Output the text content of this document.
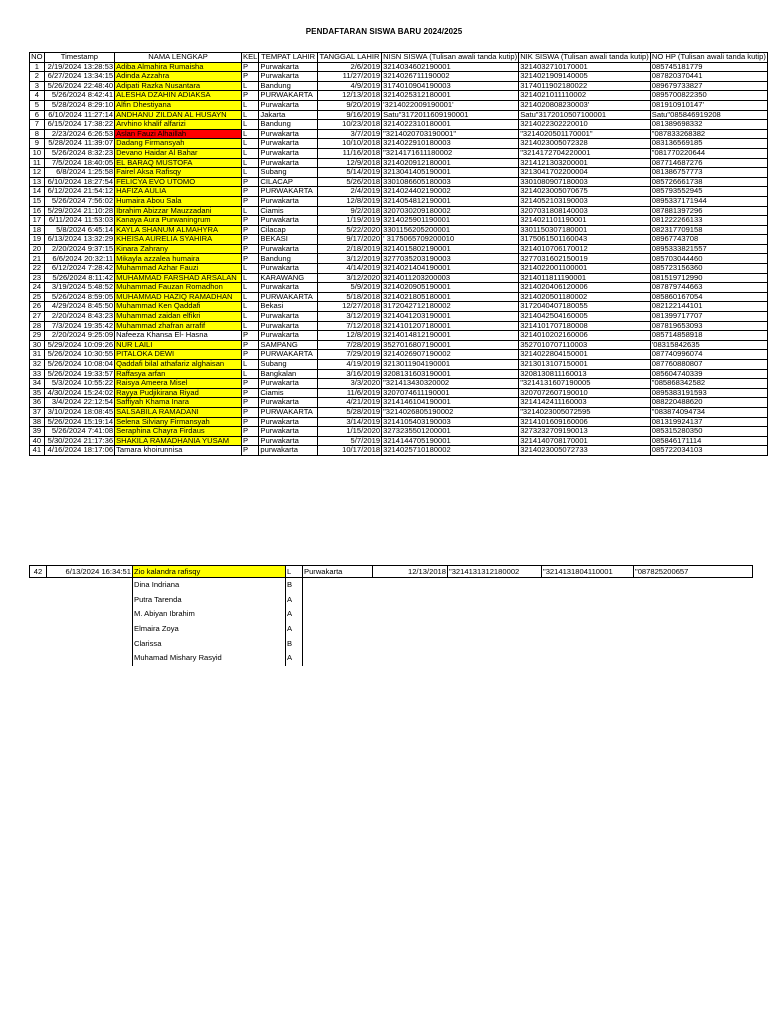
PENDAFTARAN SISWA BARU 2024/2025
NO	Timestamp	NAMA LENGKAP	KEL	TEMPAT LAHIR	TANGGAL LAHIR	NISN SISWA (Tulisan awali tanda kutip)	NIK SISWA (Tulisan awali tanda kutip)	NO HP (Tulisan awali tanda kutip)
1	2/19/2024 13:28:53	Adiba Almahira Rumaisha	P	Purwakarta	2/6/2019	3214034602190001	3214032710170001	085745181779
2	6/27/2024 13:34:15	Adinda Azzahra	P	Purwakarta	11/27/2019	3214026711190002	3214021909140005	087820370441
3	5/26/2024 22:48:40	Adipati Razka Nusantara	L	Bandung	4/9/2019	3174010904190003	3174011902180022	089679733827
4	5/26/2024 8:42:41	ALESHA DZAHIN ADIAKSA	P	PURWAKARTA	12/13/2018	3214025312180001	3214021011110002	0895700822350
5	5/28/2024 8:29:10	Alfin Dhestiyana	L	Purwakarta	9/20/2019	'3214022009190001'	3214020808230003'	081910910147'
6	6/10/2024 11:27:14	ANDHANU ZILDAN AL HUSAYN	L	Jakarta	9/16/2019	Satu"3172011609190001	Satu"3172010507100001	Satu"085846919208
7	6/15/2024 17:38:22	Arvhino khalif alfarizi	L	Bandung	10/23/2018	3214022310180001	3214022302220010	081389698332
8	2/23/2024 6:26:53	Aslan Fauzi Alhaillah	L	Purwakarta	3/7/2019	"3214020703190001"	"3214020501170001"	"087833268382
9	5/28/2024 11:39:07	Dadang Firmansyah	L	Purwakarta	10/10/2018	3214022910180003	3214023005072328	083136569185
10	5/26/2024 8:32:23	Devano Haidar Al Bahar	L	Purwakarta	11/16/2018	"3214171611180002	"3214172704220001	"081770220644
11	7/5/2024 18:40:05	EL BARAQ MUSTOFA	L	Purwakarta	12/9/2018	3214020912180001	3214121303200001	087714687276
12	6/8/2024 1:25:58	Fairel Aksa Rafisqy	L	Subang	5/14/2019	3213041405190001	3213041702200004	081386757773
13	6/10/2024 18:27:54	FELICYA EVO UTOMO	P	CILACAP	5/26/2018	3301086605180003	3301080907180003	085726661738
14	6/12/2024 21:54:12	HAFIZA AULIA	P	PURWAKARTA	2/4/2019	3214024402190002	3214023005070675	085793552945
15	5/26/2024 7:56:02	Humaira Abou Sala	P	Purwakarta	12/8/2019	3214054812190001	3214052103190003	0895337171944
16	5/29/2024 21:10:28	Ibrahim Abizzar Mauzzadani	L	Ciamis	9/2/2018	3207030209180002	3207031808140003	087881397296
17	6/11/2024 11:53:03	Kanaya Aura Purwaningrum	P	Purwakarta	1/19/2019	3214025901190001	3214021101190001	081222266133
18	5/8/2024 6:45:14	KAYLA SHANUM ALMAHYRA	P	Cilacap	5/22/2020	3301156205200001	3301150307180001	082317709158
19	6/13/2024 13:32:29	KHEISA AURELIA SYAHIRA	P	BEKASI	9/17/2020	' 3175065709200010	3175061501160043	08967743708
20	2/20/2024 9:37:15	Kinara Zahrany	P	Purwakarta	2/18/2019	3214015802190001	3214010706170012	0895333821557
21	6/6/2024 20:32:11	Mikayla azzalea humaira	P	Bandung	3/12/2019	3277035203190003	3277031602150019	085703044460
22	6/12/2024 7:28:42	Muhammad Azhar Fauzi	L	Purwakarta	4/14/2019	3214021404190001	3214022001100001	085723156360
23	5/26/2024 8:11:42	MUHAMMAD FARSHAD ARSALAN	L	KARAWANG	3/12/2020	3214011203200003	3214011811190001	081519712990
24	3/19/2024 5:48:52	Muhammad Fauzan Romadhon	L	Purwakarta	5/9/2019	3214020905190001	3214020406120006	087879744663
25	5/26/2024 8:59:05	MUHAMMAD HAZIQ RAMADHAN	L	PURWAKARTA	5/18/2018	3214021805180001	3214020501180002	085860167054
26	4/29/2024 8:45:50	Muhammad Ken Qaddafi	L	Bekasi	12/27/2018	3172042712180002	3172040407180055	082122144101
27	2/20/2024 8:43:23	Muhammad zaidan elfikri	L	Purwakarta	3/12/2019	3214041203190001	3214042504160005	081399717707
28	7/3/2024 19:35:42	Muhammad zhafran arrafif	L	Purwakarta	7/12/2018	3214101207180001	3214101707180008	087819653093
29	2/20/2024 9:25:09	Nafeeza Khansa El- Hasna	P	Purwakarta	12/8/2019	3214014812190001	3214010202160006	085714858918
30	5/29/2024 10:09:26	NUR LAILI	P	SAMPANG	7/28/2019	3527016807190001	3527010707110003	'08315842635
31	5/26/2024 10:30:55	PITALOKA DEWI	P	PURWAKARTA	7/29/2019	3214026907190002	3214022804150001	087740996074
32	5/26/2024 10:08:04	Qaddafi bilal athafariz alghaisan	L	Subang	4/19/2019	3213011904190001	3213013107150001	087760880807
33	5/26/2024 19:33:57	Raffasya arfan	L	Bangkalan	3/16/2019	3208131603190001	3208130811160013	085604740339
34	5/3/2024 10:55:22	Raisya Ameera Misel	P	Purwakarta	3/3/2020	"321413430320002	"3214131607190005	"085868342582
35	4/30/2024 15:24:02	Rayya Pudjikirana Riyad	P	Ciamis	11/6/2019	3207074611190001	3207072607190010	0895383191593
36	3/4/2024 22:12:54	Saffiyah Khama Inara	P	Purwakarta	4/21/2019	3214146104190001	3214142411160003	088220488620
37	3/10/2024 18:08:45	SALSABILA RAMADANI	P	PURWAKARTA	5/28/2019	"3214026805190002	"3214023005072595	"083874094734
38	5/26/2024 15:19:14	Selena Silviany Firmansyah	P	Purwakarta	3/14/2019	3214105403190003	3214101609160006	081319924137
39	5/26/2024 7:41:08	Seraphina Chayra Firdaus	P	Purwakarta	1/15/2020	3273235501200001	3273232709190013	085315280350
40	5/30/2024 21:17:36	SHAKILA RAMADHANIA YUSAM	P	Purwakarta	5/7/2019	3214144705190001	3214140708170001	085846171114
41	4/16/2024 18:17:06	Tamara khoirunnisa	P	purwakarta	10/17/2018	3214025710180002	3214023005072733	085722034103
42	6/13/2024 16:34:51	Zio kalandra rafisqy	L	Purwakarta	12/13/2018	"3214131312180002	"3214131804110001	"087825200657
		Dina Indriana	B					
		Putra Tarenda	A					
		M. Abiyan Ibrahim	A					
		Elmaira Zoya	A					
		Clarissa	B					
		Muhamad Mishary Rasyid	A					
